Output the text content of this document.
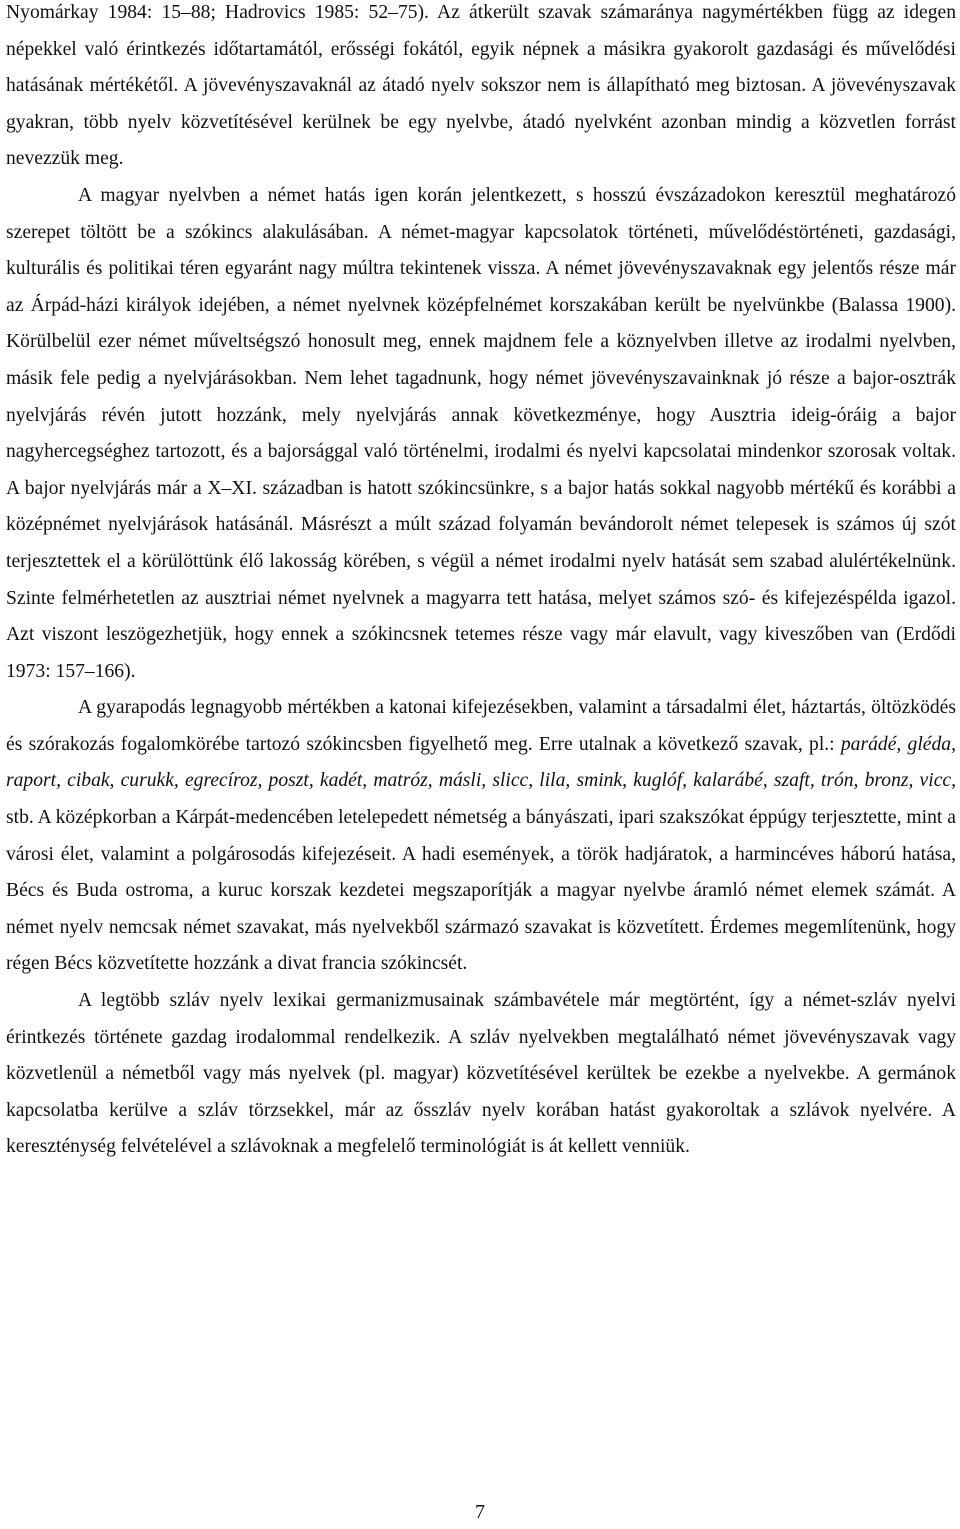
Nyomárkay 1984: 15–88; Hadrovics 1985: 52–75). Az átkerült szavak számaránya nagymértékben függ az idegen népekkel való érintkezés időtartamától, erősségi fokától, egyik népnek a másikra gyakorolt gazdasági és művelődési hatásának mértékétől. A jövevényszavaknál az átadó nyelv sokszor nem is állapítható meg biztosan. A jövevényszavak gyakran, több nyelv közvetítésével kerülnek be egy nyelvbe, átadó nyelvként azonban mindig a közvetlen forrást nevezzük meg.

A magyar nyelvben a német hatás igen korán jelentkezett, s hosszú évszázadokon keresztül meghatározó szerepet töltött be a szókincs alakulásában. A német-magyar kapcsolatok történeti, művelődéstörténeti, gazdasági, kulturális és politikai téren egyaránt nagy múltra tekintenek vissza. A német jövevényszavaknak egy jelentős része már az Árpád-házi királyok idejében, a német nyelvnek középfelnémet korszakában került be nyelvünkbe (Balassa 1900). Körülbelül ezer német műveltségszó honosult meg, ennek majdnem fele a köznyelvben illetve az irodalmi nyelvben, másik fele pedig a nyelvjárásokban. Nem lehet tagadnunk, hogy német jövevényszavainknak jó része a bajor-osztrák nyelvjárás révén jutott hozzánk, mely nyelvjárás annak következménye, hogy Ausztria ideig-óráig a bajor nagyhercegséghez tartozott, és a bajorsággal való történelmi, irodalmi és nyelvi kapcsolatai mindenkor szorosak voltak. A bajor nyelvjárás már a X–XI. században is hatott szókincsünkre, s a bajor hatás sokkal nagyobb mértékű és korábbi a középnémet nyelvjárások hatásánál. Másrészt a múlt század folyamán bevándorolt német telepesek is számos új szót terjesztettek el a körülöttünk élő lakosság körében, s végül a német irodalmi nyelv hatását sem szabad alulértékelnünk. Szinte felmérhetetlen az ausztriai német nyelvnek a magyarra tett hatása, melyet számos szó- és kifejezéspélda igazol. Azt viszont leszögezhetjük, hogy ennek a szókincsnek tetemes része vagy már elavult, vagy kiveszőben van (Erdődi 1973: 157–166).

A gyarapodás legnagyobb mértékben a katonai kifejezésekben, valamint a társadalmi élet, háztartás, öltözködés és szórakozás fogalomkörébe tartozó szókincsben figyelhető meg. Erre utalnak a következő szavak, pl.: parádé, gléda, raport, cibak, curukk, egrecíroz, poszt, kadét, matróz, másli, slicc, lila, smink, kuglóf, kalarábé, szaft, trón, bronz, vicc, stb. A középkorban a Kárpát-medencében letelepedett németség a bányászati, ipari szakszókat éppúgy terjesztette, mint a városi élet, valamint a polgárosodás kifejezéseit. A hadi események, a török hadjáratok, a harmincéves háború hatása, Bécs és Buda ostroma, a kuruc korszak kezdetei megszaporítják a magyar nyelvbe áramló német elemek számát. A német nyelv nemcsak német szavakat, más nyelvekből származó szavakat is közvetített. Érdemes megemlítenünk, hogy régen Bécs közvetítette hozzánk a divat francia szókincsét.

A legtöbb szláv nyelv lexikai germanizmusainak számbavétele már megtörtént, így a német-szláv nyelvi érintkezés története gazdag irodalommal rendelkezik. A szláv nyelvekben megtalálható német jövevényszavak vagy közvetlenül a németből vagy más nyelvek (pl. magyar) közvetítésével kerültek be ezekbe a nyelvekbe. A germánok kapcsolatba kerülve a szláv törzsekkel, már az ősszláv nyelv korában hatást gyakoroltak a szlávok nyelvére. A kereszténység felvételével a szlávoknak a megfelelő terminológiát is át kellett venniük.

7
